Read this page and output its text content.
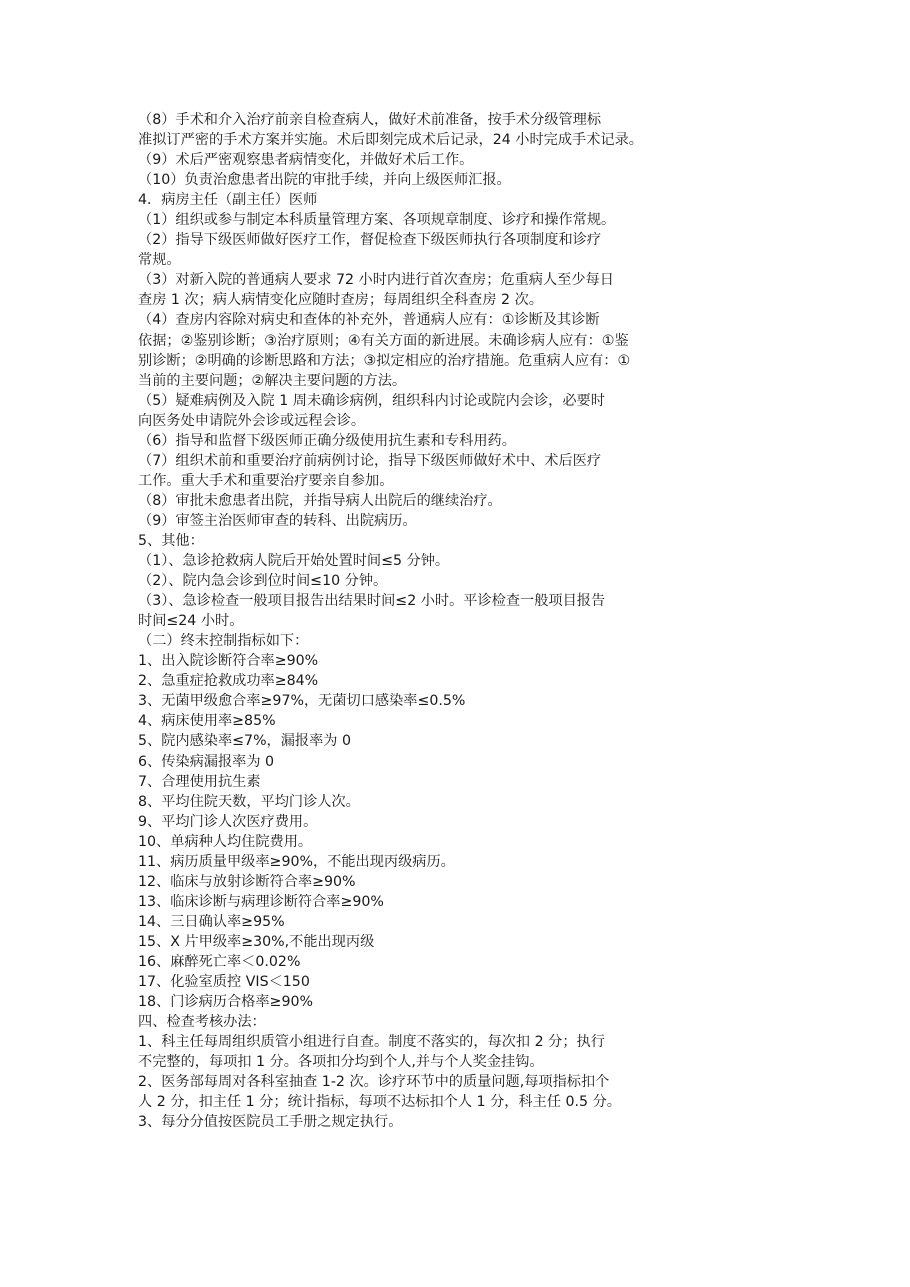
（8）手术和介入治疗前亲自检查病人，做好术前准备，按手术分级管理标
准拟订严密的手术方案并实施。术后即刻完成术后记录，24 小时完成手术记录。
（9）术后严密观察患者病情变化，并做好术后工作。
（10）负责治愈患者出院的审批手续，并向上级医师汇报。
4．病房主任（副主任）医师
（1）组织或参与制定本科质量管理方案、各项规章制度、诊疗和操作常规。
（2）指导下级医师做好医疗工作，督促检查下级医师执行各项制度和诊疗
常规。
（3）对新入院的普通病人要求 72 小时内进行首次查房；危重病人至少每日
查房 1 次；病人病情变化应随时查房；每周组织全科查房 2 次。
（4）查房内容除对病史和查体的补充外，普通病人应有：①诊断及其诊断
依据；②鉴别诊断；③治疗原则；④有关方面的新进展。未确诊病人应有：①鉴
别诊断；②明确的诊断思路和方法；③拟定相应的治疗措施。危重病人应有：①
当前的主要问题；②解决主要问题的方法。
（5）疑难病例及入院 1 周未确诊病例，组织科内讨论或院内会诊，必要时
向医务处申请院外会诊或远程会诊。
（6）指导和监督下级医师正确分级使用抗生素和专科用药。
（7）组织术前和重要治疗前病例讨论，指导下级医师做好术中、术后医疗
工作。重大手术和重要治疗要亲自参加。
（8）审批未愈患者出院，并指导病人出院后的继续治疗。
（9）审签主治医师审查的转科、出院病历。
5、其他：
（1）、急诊抢救病人院后开始处置时间≤5 分钟。
（2）、院内急会诊到位时间≤10 分钟。
（3）、急诊检查一般项目报告出结果时间≤2 小时。平诊检查一般项目报告
时间≤24 小时。
（二）终末控制指标如下：
1、出入院诊断符合率≥90%
2、急重症抢救成功率≥84%
3、无菌甲级愈合率≥97%，无菌切口感染率≤0.5%
4、病床使用率≥85%
5、院内感染率≤7%，漏报率为 0
6、传染病漏报率为 0
7、合理使用抗生素
8、平均住院天数，平均门诊人次。
9、平均门诊人次医疗费用。
10、单病种人均住院费用。
11、病历质量甲级率≥90%，不能出现丙级病历。
12、临床与放射诊断符合率≥90%
13、临床诊断与病理诊断符合率≥90%
14、三日确认率≥95%
15、X 片甲级率≥30%,不能出现丙级
16、麻醉死亡率＜0.02%
17、化验室质控 VIS＜150
18、门诊病历合格率≥90%
四、检查考核办法：
1、科主任每周组织质管小组进行自查。制度不落实的，每次扣 2 分；执行
不完整的，每项扣 1 分。各项扣分均到个人,并与个人奖金挂钩。
2、医务部每周对各科室抽查 1-2 次。诊疗环节中的质量问题,每项指标扣个
人 2 分，扣主任 1 分；统计指标，每项不达标扣个人 1 分，科主任 0.5 分。
3、每分分值按医院员工手册之规定执行。
